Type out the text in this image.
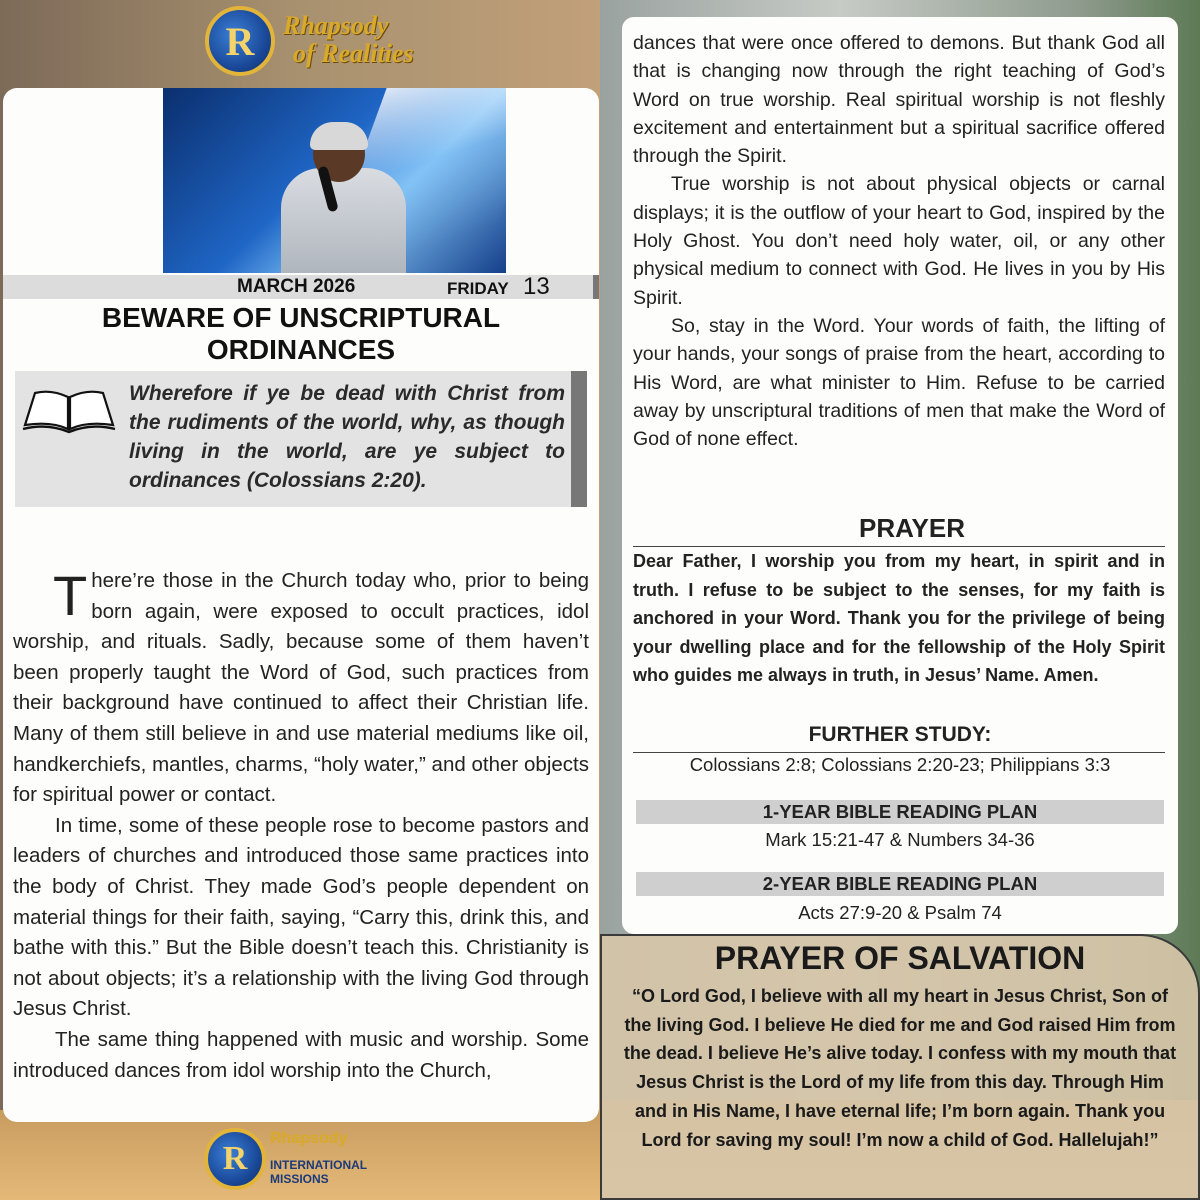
R	Rhapsody
of Realities
MARCH 2026	FRIDAY 13
BEWARE OF UNSCRIPTURAL
ORDINANCES
Wherefore if ye be dead with Christ from the rudiments of the world, why, as though living in the world, are ye subject to ordinances (Colossians 2:20).

There’re those in the Church today who, prior to being born again, were exposed to occult practices, idol worship, and rituals. Sadly, because some of them haven’t been properly taught the Word of God, such practices from their background have continued to affect their Christian life. Many of them still believe in and use material mediums like oil, handkerchiefs, mantles, charms, “holy water,” and other objects for spiritual power or contact.

In time, some of these people rose to become pastors and leaders of churches and introduced those same practices into the body of Christ. They made God’s people dependent on material things for their faith, saying, “Carry this, drink this, and bathe with this.” But the Bible doesn’t teach this. Christianity is not about objects; it’s a relationship with the living God through Jesus Christ.

The same thing happened with music and worship. Some introduced dances from idol worship into the Church,

R
Rhapsody
INTERNATIONAL
MISSIONS

dances that were once offered to demons. But thank God all that is changing now through the right teaching of God’s Word on true worship. Real spiritual worship is not fleshly excitement and entertainment but a spiritual sacrifice offered through the Spirit.

True worship is not about physical objects or carnal displays; it is the outflow of your heart to God, inspired by the Holy Ghost. You don’t need holy water, oil, or any other physical medium to connect with God. He lives in you by His Spirit.

So, stay in the Word. Your words of faith, the lifting of your hands, your songs of praise from the heart, according to His Word, are what minister to Him. Refuse to be carried away by unscriptural traditions of men that make the Word of God of none effect.

PRAYER
Dear Father, I worship you from my heart, in spirit and in truth. I refuse to be subject to the senses, for my faith is anchored in your Word. Thank you for the privilege of being your dwelling place and for the fellowship of the Holy Spirit who guides me always in truth, in Jesus’ Name. Amen.
FURTHER STUDY:
Colossians 2:8; Colossians 2:20-23; Philippians 3:3
1-YEAR BIBLE READING PLAN
Mark 15:21-47 & Numbers 34-36
2-YEAR BIBLE READING PLAN
Acts 27:9-20 & Psalm 74
PRAYER OF SALVATION
“O Lord God, I believe with all my heart in Jesus Christ, Son of the living God. I believe He died for me and God raised Him from the dead. I believe He’s alive today. I confess with my mouth that Jesus Christ is the Lord of my life from this day. Through Him and in His Name, I have eternal life; I’m born again. Thank you Lord for saving my soul! I’m now a child of God. Hallelujah!”
